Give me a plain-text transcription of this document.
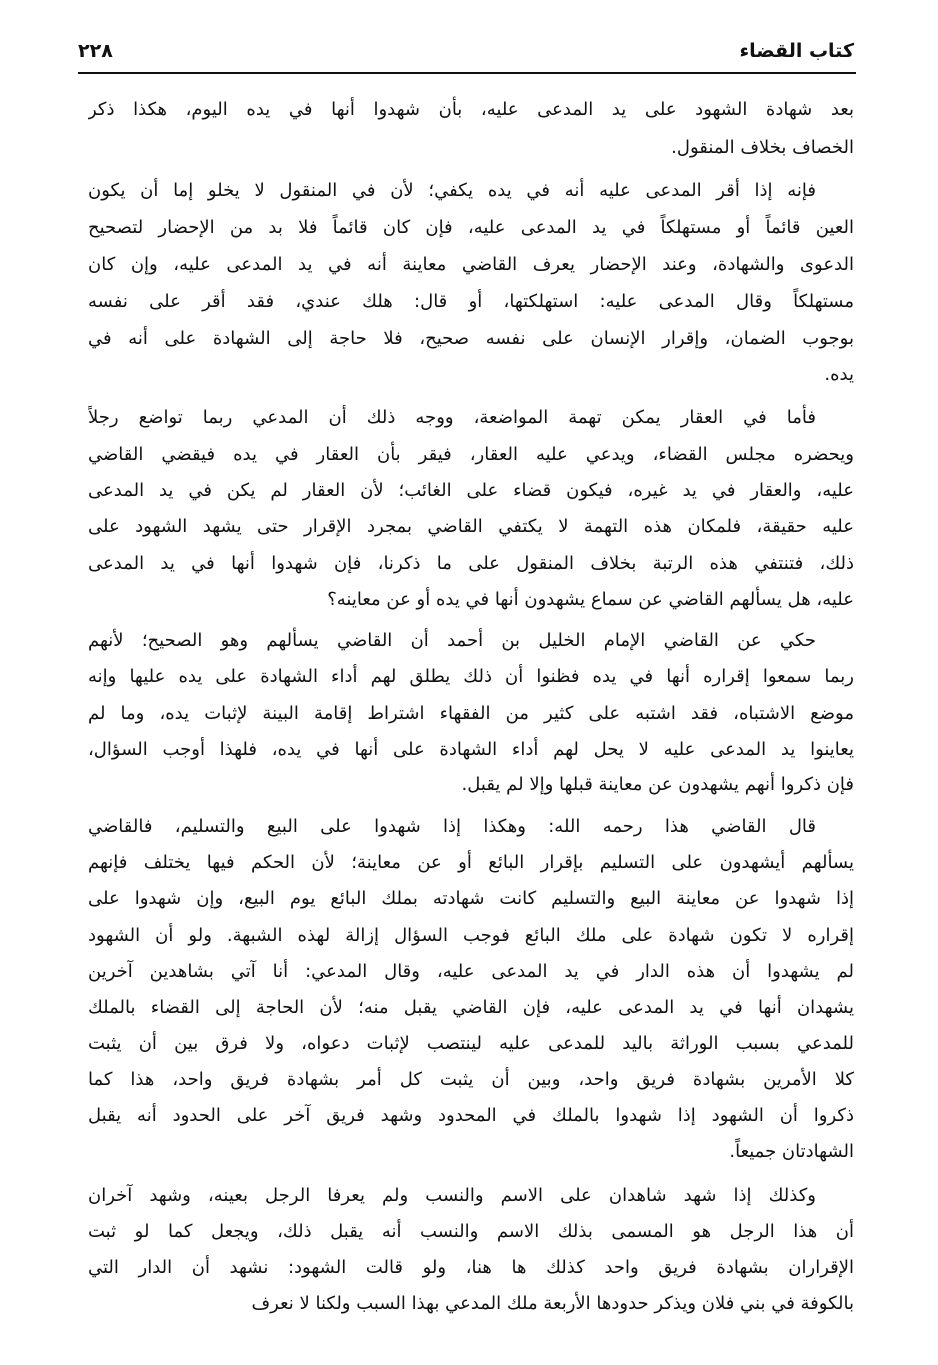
٢٢٨	كتاب القضاء
بعد شهادة الشهود على يد المدعى عليه، بأن شهدوا أنها في يده اليوم، هكذا ذكر
الخصاف بخلاف المنقول.
فإنه إذا أقر المدعى عليه أنه في يده يكفي؛ لأن في المنقول لا يخلو إما أن يكون
العين قائماً أو مستهلكاً في يد المدعى عليه، فإن كان قائماً فلا بد من الإحضار لتصحيح
الدعوى والشهادة، وعند الإحضار يعرف القاضي معاينة أنه في يد المدعى عليه، وإن كان
مستهلكاً وقال المدعى عليه: استهلكتها، أو قال: هلك عندي، فقد أقر على نفسه
بوجوب الضمان، وإقرار الإنسان على نفسه صحيح، فلا حاجة إلى الشهادة على أنه في
يده.
فأما في العقار يمكن تهمة المواضعة، ووجه ذلك أن المدعي ربما تواضع رجلاً
ويحضره مجلس القضاء، ويدعي عليه العقار، فيقر بأن العقار في يده فيقضي القاضي
عليه، والعقار في يد غيره، فيكون قضاء على الغائب؛ لأن العقار لم يكن في يد المدعى
عليه حقيقة، فلمكان هذه التهمة لا يكتفي القاضي بمجرد الإقرار حتى يشهد الشهود على
ذلك، فتنتفي هذه الرتبة بخلاف المنقول على ما ذكرنا، فإن شهدوا أنها في يد المدعى
عليه، هل يسألهم القاضي عن سماع يشهدون أنها في يده أو عن معاينه؟
حكي عن القاضي الإمام الخليل بن أحمد أن القاضي يسألهم وهو الصحيح؛ لأنهم
ربما سمعوا إقراره أنها في يده فظنوا أن ذلك يطلق لهم أداء الشهادة على يده عليها وإنه
موضع الاشتباه، فقد اشتبه على كثير من الفقهاء اشتراط إقامة البينة لإثبات يده، وما لم
يعاينوا يد المدعى عليه لا يحل لهم أداء الشهادة على أنها في يده، فلهذا أوجب السؤال،
فإن ذكروا أنهم يشهدون عن معاينة قبلها وإلا لم يقبل.
قال القاضي هذا رحمه الله: وهكذا إذا شهدوا على البيع والتسليم، فالقاضي
يسألهم أيشهدون على التسليم بإقرار البائع أو عن معاينة؛ لأن الحكم فيها يختلف فإنهم
إذا شهدوا عن معاينة البيع والتسليم كانت شهادته بملك البائع يوم البيع، وإن شهدوا على
إقراره لا تكون شهادة على ملك البائع فوجب السؤال إزالة لهذه الشبهة. ولو أن الشهود
لم يشهدوا أن هذه الدار في يد المدعى عليه، وقال المدعي: أنا آتي بشاهدين آخرين
يشهدان أنها في يد المدعى عليه، فإن القاضي يقبل منه؛ لأن الحاجة إلى القضاء بالملك
للمدعي بسبب الوراثة باليد للمدعى عليه لينتصب لإثبات دعواه، ولا فرق بين أن يثبت
كلا الأمرين بشهادة فريق واحد، وبين أن يثبت كل أمر بشهادة فريق واحد، هذا كما
ذكروا أن الشهود إذا شهدوا بالملك في المحدود وشهد فريق آخر على الحدود أنه يقبل
الشهادتان جميعاً.
وكذلك إذا شهد شاهدان على الاسم والنسب ولم يعرفا الرجل بعينه، وشهد آخران
أن هذا الرجل هو المسمى بذلك الاسم والنسب أنه يقبل ذلك، ويجعل كما لو ثبت
الإقراران بشهادة فريق واحد كذلك ها هنا، ولو قالت الشهود: نشهد أن الدار التي
بالكوفة في بني فلان ويذكر حدودها الأربعة ملك المدعي بهذا السبب ولكنا لا نعرف
